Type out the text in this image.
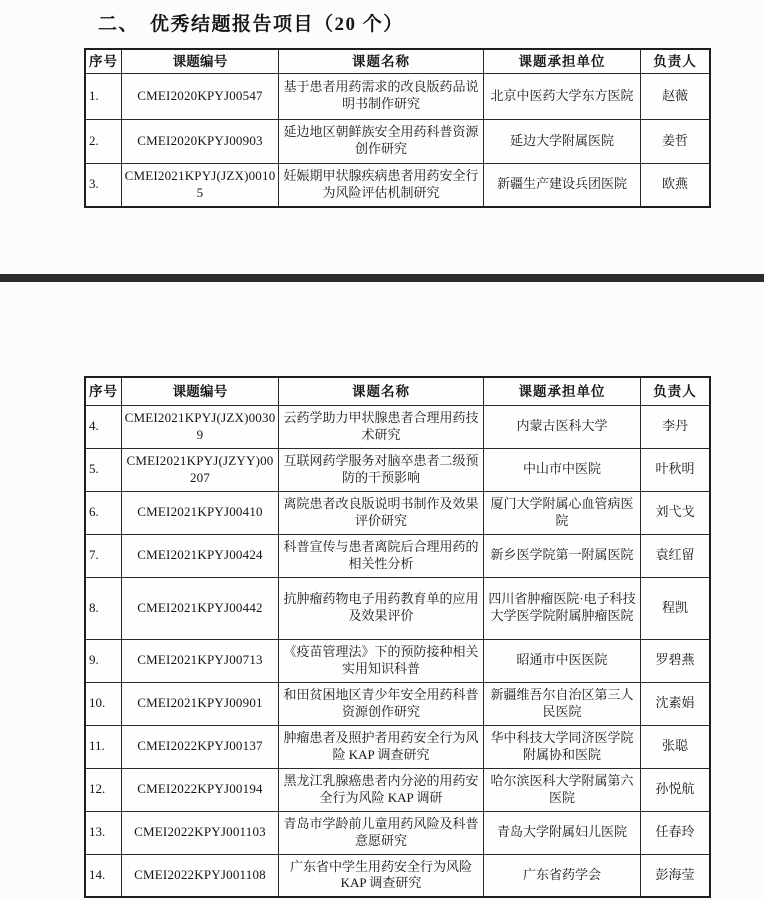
二、　优秀结题报告项目（20 个）
序号	课题编号	课题名称	课题承担单位	负责人
1.	CMEI2020KPYJ00547	基于患者用药需求的改良版药品说明书制作研究	北京中医药大学东方医院	赵薇
2.	CMEI2020KPYJ00903	延边地区朝鲜族安全用药科普资源创作研究	延边大学附属医院	姜哲
3.	CMEI2021KPYJ(JZX)00105	妊娠期甲状腺疾病患者用药安全行为风险评估机制研究	新疆生产建设兵团医院	欧燕
序号	课题编号	课题名称	课题承担单位	负责人
4.	CMEI2021KPYJ(JZX)00309	云药学助力甲状腺患者合理用药技术研究	内蒙古医科大学	李丹
5.	CMEI2021KPYJ(JZYY)00207	互联网药学服务对脑卒患者二级预防的干预影响	中山市中医院	叶秋明
6.	CMEI2021KPYJ00410	离院患者改良版说明书制作及效果评价研究	厦门大学附属心血管病医院	刘弋戈
7.	CMEI2021KPYJ00424	科普宣传与患者离院后合理用药的相关性分析	新乡医学院第一附属医院	袁红留
8.	CMEI2021KPYJ00442	抗肿瘤药物电子用药教育单的应用及效果评价	四川省肿瘤医院·电子科技大学医学院附属肿瘤医院	程凯
9.	CMEI2021KPYJ00713	《疫苗管理法》下的预防接种相关实用知识科普	昭通市中医医院	罗碧燕
10.	CMEI2021KPYJ00901	和田贫困地区青少年安全用药科普资源创作研究	新疆维吾尔自治区第三人民医院	沈素娟
11.	CMEI2022KPYJ00137	肿瘤患者及照护者用药安全行为风险 KAP 调查研究	华中科技大学同济医学院附属协和医院	张聪
12.	CMEI2022KPYJ00194	黑龙江乳腺癌患者内分泌的用药安全行为风险 KAP 调研	哈尔滨医科大学附属第六医院	孙悦航
13.	CMEI2022KPYJ001103	青岛市学龄前儿童用药风险及科普意愿研究	青岛大学附属妇儿医院	任春玲
14.	CMEI2022KPYJ001108	广东省中学生用药安全行为风险 KAP 调查研究	广东省药学会	彭海莹
